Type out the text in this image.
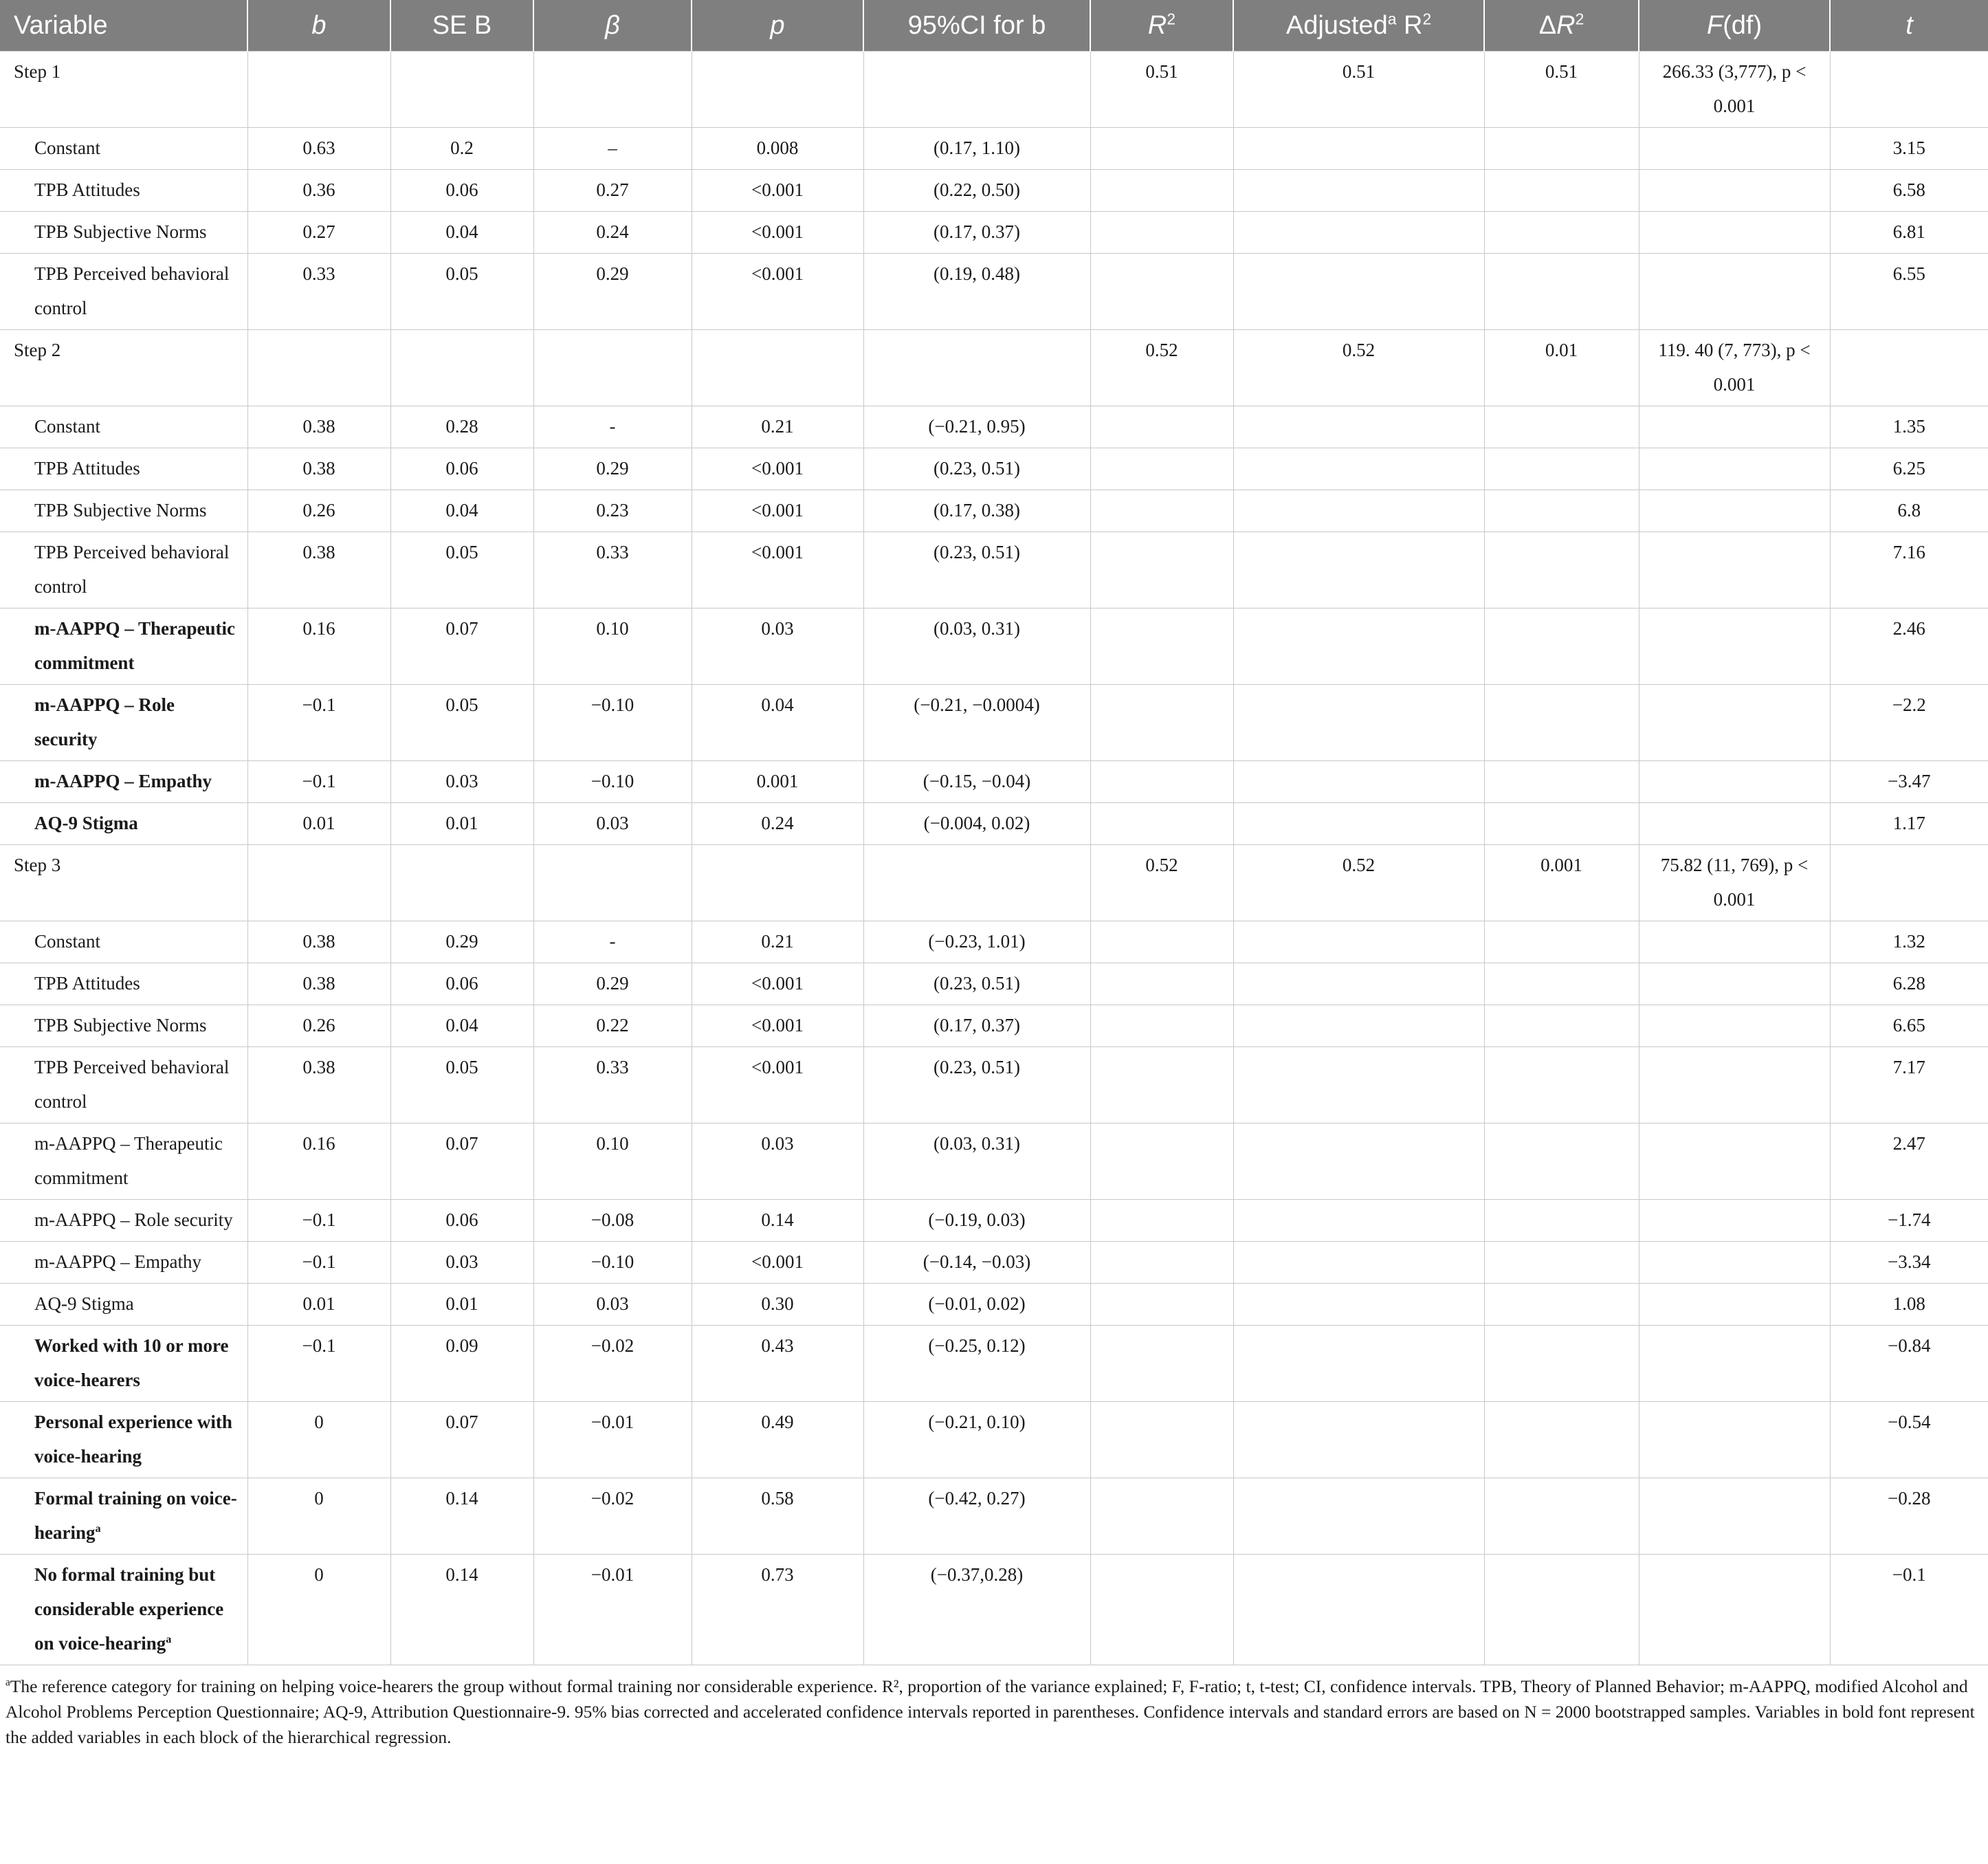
Variable	b	SE B	β	p	95%CI for b	$R^2$	Adjusted$^a$ $R^2$	$\Delta R^2$	F(df)	t
Step 1						0.51	0.51	0.51	266.33 (3,777), p < 0.001	
Constant	0.63	0.2	–	0.008	(0.17, 1.10)					3.15
TPB Attitudes	0.36	0.06	0.27	<0.001	(0.22, 0.50)					6.58
TPB Subjective Norms	0.27	0.04	0.24	<0.001	(0.17, 0.37)					6.81
TPB Perceived behavioral control	0.33	0.05	0.29	<0.001	(0.19, 0.48)					6.55
Step 2						0.52	0.52	0.01	119. 40 (7, 773), p < 0.001	
Constant	0.38	0.28	-	0.21	(−0.21, 0.95)					1.35
TPB Attitudes	0.38	0.06	0.29	<0.001	(0.23, 0.51)					6.25
TPB Subjective Norms	0.26	0.04	0.23	<0.001	(0.17, 0.38)					6.8
TPB Perceived behavioral control	0.38	0.05	0.33	<0.001	(0.23, 0.51)					7.16
m-AAPPQ – Therapeutic commitment	0.16	0.07	0.10	0.03	(0.03, 0.31)					2.46
m-AAPPQ – Role security	−0.1	0.05	−0.10	0.04	(−0.21, −0.0004)					−2.2
m-AAPPQ – Empathy	−0.1	0.03	−0.10	0.001	(−0.15, −0.04)					−3.47
AQ-9 Stigma	0.01	0.01	0.03	0.24	(−0.004, 0.02)					1.17
Step 3						0.52	0.52	0.001	75.82 (11, 769), p < 0.001	
Constant	0.38	0.29	-	0.21	(−0.23, 1.01)					1.32
TPB Attitudes	0.38	0.06	0.29	<0.001	(0.23, 0.51)					6.28
TPB Subjective Norms	0.26	0.04	0.22	<0.001	(0.17, 0.37)					6.65
TPB Perceived behavioral control	0.38	0.05	0.33	<0.001	(0.23, 0.51)					7.17
m-AAPPQ – Therapeutic commitment	0.16	0.07	0.10	0.03	(0.03, 0.31)					2.47
m-AAPPQ – Role security	−0.1	0.06	−0.08	0.14	(−0.19, 0.03)					−1.74
m-AAPPQ – Empathy	−0.1	0.03	−0.10	<0.001	(−0.14, −0.03)					−3.34
AQ-9 Stigma	0.01	0.01	0.03	0.30	(−0.01, 0.02)					1.08
Worked with 10 or more voice-hearers	−0.1	0.09	−0.02	0.43	(−0.25, 0.12)					−0.84
Personal experience with voice-hearing	0	0.07	−0.01	0.49	(−0.21, 0.10)					−0.54
Formal training on voice-hearing$^a$	0	0.14	−0.02	0.58	(−0.42, 0.27)					−0.28
No formal training but considerable experience on voice-hearing$^a$	0	0.14	−0.01	0.73	(−0.37,0.28)					−0.1

$^a$The reference category for training on helping voice-hearers the group without formal training nor considerable experience. R², proportion of the variance explained; F, F-ratio; t, t-test; CI, confidence intervals. TPB, Theory of Planned Behavior; m-AAPPQ, modified Alcohol and Alcohol Problems Perception Questionnaire; AQ-9, Attribution Questionnaire-9. 95% bias corrected and accelerated confidence intervals reported in parentheses. Confidence intervals and standard errors are based on N = 2000 bootstrapped samples. Variables in bold font represent the added variables in each block of the hierarchical regression.
